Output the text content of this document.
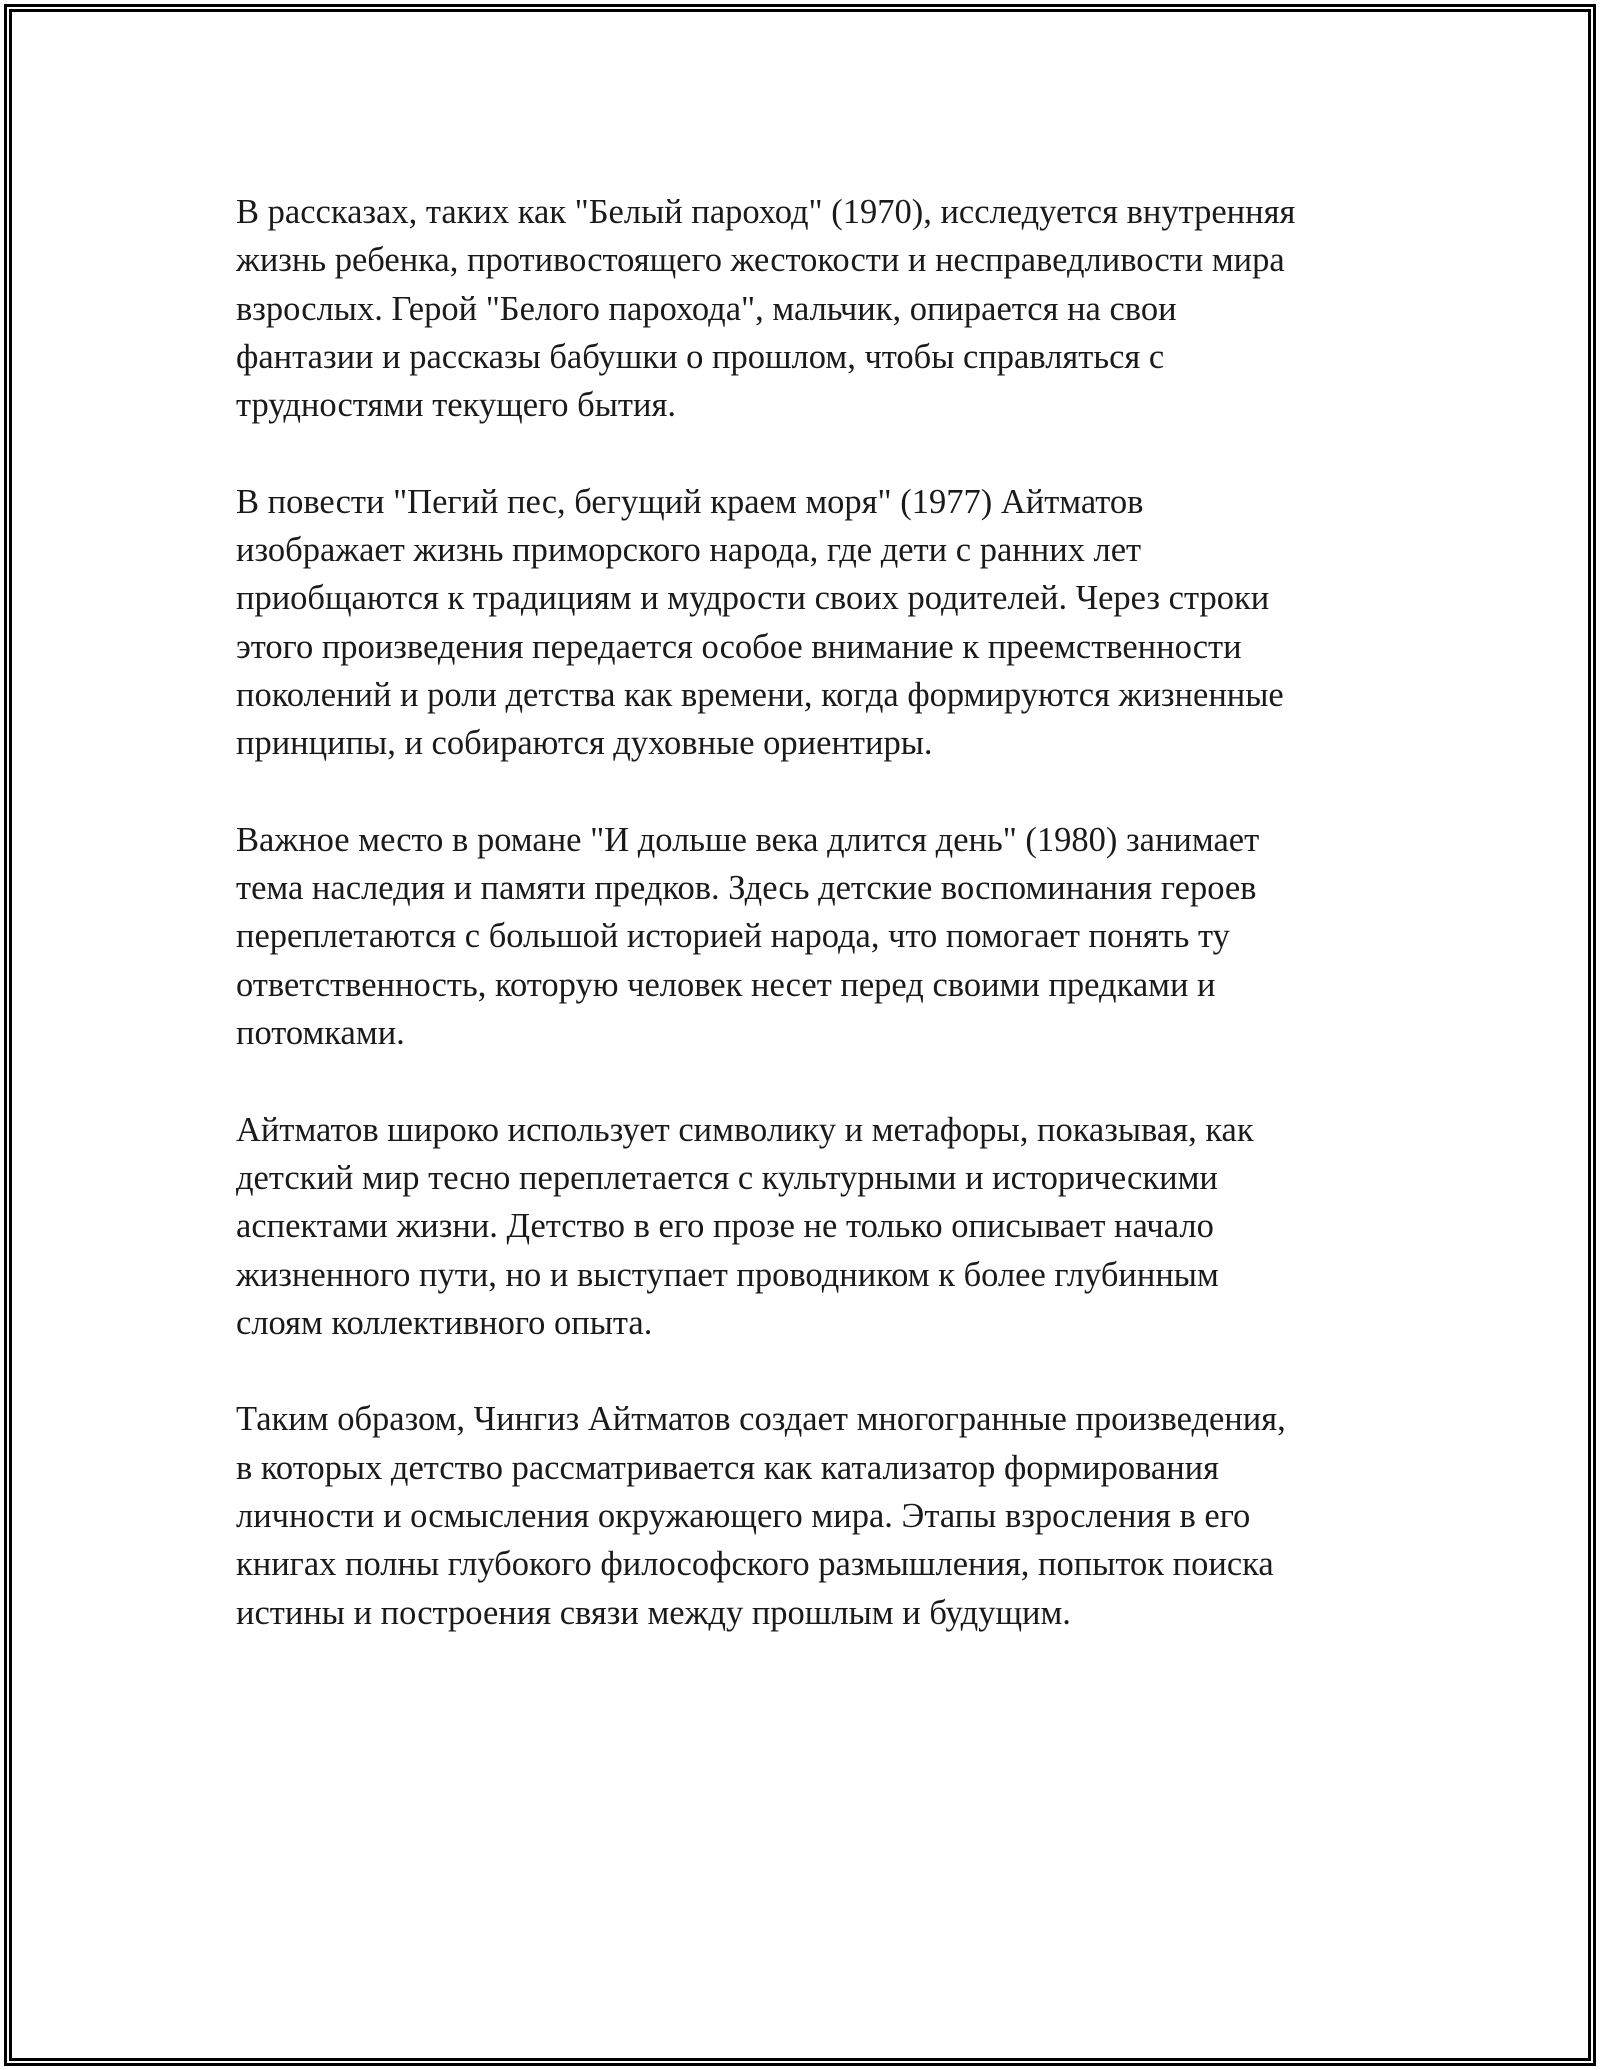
В рассказах, таких как "Белый пароход" (1970), исследуется внутренняя
жизнь ребенка, противостоящего жестокости и несправедливости мира
взрослых. Герой "Белого парохода", мальчик, опирается на свои
фантазии и рассказы бабушки о прошлом, чтобы справляться с
трудностями текущего бытия.

В повести "Пегий пес, бегущий краем моря" (1977) Айтматов
изображает жизнь приморского народа, где дети с ранних лет
приобщаются к традициям и мудрости своих родителей. Через строки
этого произведения передается особое внимание к преемственности
поколений и роли детства как времени, когда формируются жизненные
принципы, и собираются духовные ориентиры.

Важное место в романе "И дольше века длится день" (1980) занимает
тема наследия и памяти предков. Здесь детские воспоминания героев
переплетаются с большой историей народа, что помогает понять ту
ответственность, которую человек несет перед своими предками и
потомками.

Айтматов широко использует символику и метафоры, показывая, как
детский мир тесно переплетается с культурными и историческими
аспектами жизни. Детство в его прозе не только описывает начало
жизненного пути, но и выступает проводником к более глубинным
слоям коллективного опыта.

Таким образом, Чингиз Айтматов создает многогранные произведения,
в которых детство рассматривается как катализатор формирования
личности и осмысления окружающего мира. Этапы взросления в его
книгах полны глубокого философского размышления, попыток поиска
истины и построения связи между прошлым и будущим.
